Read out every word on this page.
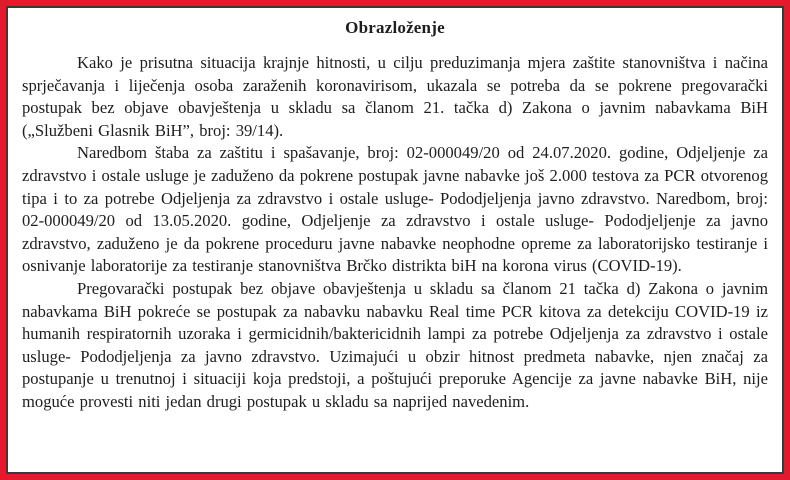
Obrazloženje

Kako je prisutna situacija krajnje hitnosti, u cilju preduzimanja mjera zaštite stanovništva i načina sprječavanja i liječenja osoba zaraženih koronavirisom, ukazala se potreba da se pokrene pregovarački postupak bez objave obavještenja u skladu sa članom 21. tačka d) Zakona o javnim nabavkama BiH („Službeni Glasnik BiH”, broj: 39/14).

Naredbom štaba za zaštitu i spašavanje, broj: 02-000049/20 od 24.07.2020. godine, Odjeljenje za zdravstvo i ostale usluge je zaduženo da pokrene postupak javne nabavke još 2.000 testova za PCR otvorenog tipa i to za potrebe Odjeljenja za zdravstvo i ostale usluge- Pododjeljenja javno zdravstvo. Naredbom, broj: 02-000049/20 od 13.05.2020. godine, Odjeljenje za zdravstvo i ostale usluge- Pododjeljenje za javno zdravstvo, zaduženo je da pokrene proceduru javne nabavke neophodne opreme za laboratorijsko testiranje i osnivanje laboratorije za testiranje stanovništva Brčko distrikta biH na korona virus (COVID-19).

Pregovarački postupak bez objave obavještenja u skladu sa članom 21 tačka d) Zakona o javnim nabavkama BiH pokreće se postupak za nabavku nabavku Real time PCR kitova za detekciju COVID-19 iz humanih respiratornih uzoraka i germicidnih/baktericidnih lampi za potrebe Odjeljenja za zdravstvo i ostale usluge- Pododjeljenja za javno zdravstvo. Uzimajući u obzir hitnost predmeta nabavke, njen značaj za postupanje u trenutnoj i situaciji koja predstoji, a poštujući preporuke Agencije za javne nabavke BiH, nije moguće provesti niti jedan drugi postupak u skladu sa naprijed navedenim.
